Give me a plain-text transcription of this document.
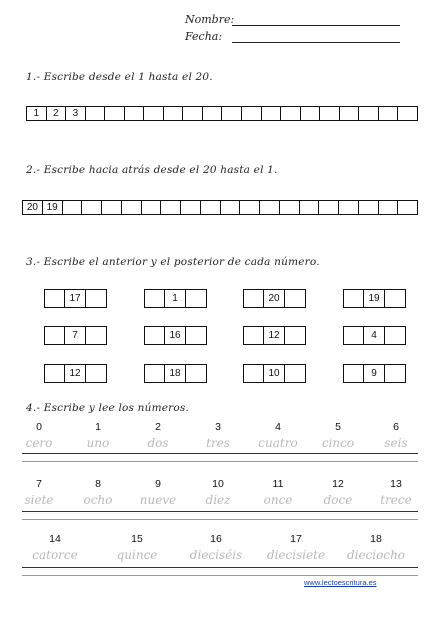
Nombre:
Fecha:
1.- Escribe desde el 1 hasta el 20.
1	2	3
2.- Escribe hacia atrás desde el 20 hasta el 1.
20 19
3.- Escribe el anterior y el posterior de cada número.
17	1	20	19
7	16	12	4
12	18	10	9
4.- Escribe y lee los números.
0
cero
1
uno
2
dos
3
tres
4
cuatro
5
cinco
6
seis
7
siete
8
ocho
9
nueve
10
diez
11
once
12
doce
13
trece
14
catorce
15
quince
16
dieciséis
17
diecisiete
18
dieciocho
www.lectoescritura.es
